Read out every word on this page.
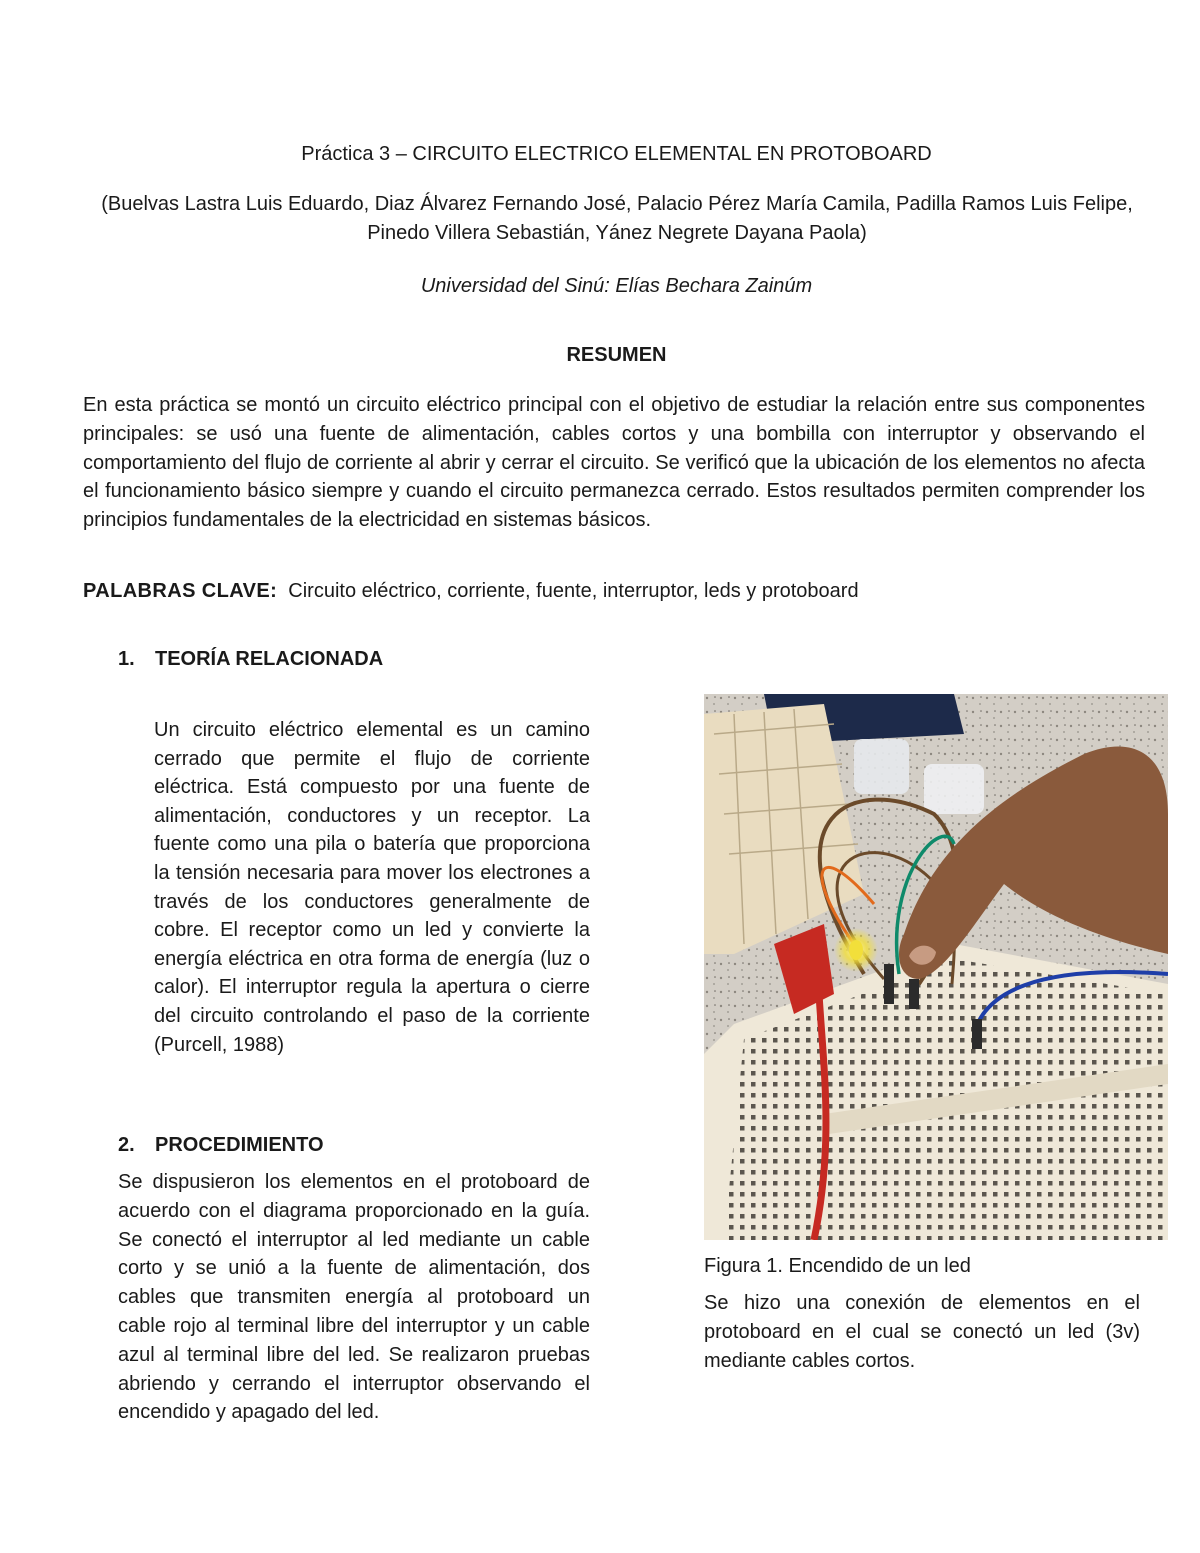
Práctica 3 – CIRCUITO ELECTRICO ELEMENTAL EN PROTOBOARD
(Buelvas Lastra Luis Eduardo, Diaz Álvarez Fernando José, Palacio Pérez María Camila, Padilla Ramos Luis Felipe, Pinedo Villera Sebastián, Yánez Negrete Dayana Paola)
Universidad del Sinú: Elías Bechara Zainúm
RESUMEN
En esta práctica se montó un circuito eléctrico principal con el objetivo de estudiar la relación entre sus componentes principales: se usó una fuente de alimentación, cables cortos y una bombilla con interruptor y observando el comportamiento del flujo de corriente al abrir y cerrar el circuito. Se verificó que la ubicación de los elementos no afecta el funcionamiento básico siempre y cuando el circuito permanezca cerrado. Estos resultados permiten comprender los principios fundamentales de la electricidad en sistemas básicos.
PALABRAS CLAVE: Circuito eléctrico, corriente, fuente, interruptor, leds y protoboard
1. TEORÍA RELACIONADA
Un circuito eléctrico elemental es un camino cerrado que permite el flujo de corriente eléctrica. Está compuesto por una fuente de alimentación, conductores y un receptor. La fuente como una pila o batería que proporciona la tensión necesaria para mover los electrones a través de los conductores generalmente de cobre. El receptor como un led y convierte la energía eléctrica en otra forma de energía (luz o calor). El interruptor regula la apertura o cierre del circuito controlando el paso de la corriente (Purcell, 1988)
2. PROCEDIMIENTO
Se dispusieron los elementos en el protoboard de acuerdo con el diagrama proporcionado en la guía. Se conectó el interruptor al led mediante un cable corto y se unió a la fuente de alimentación, dos cables que transmiten energía al protoboard un cable rojo al terminal libre del interruptor y un cable azul al terminal libre del led. Se realizaron pruebas abriendo y cerrando el interruptor observando el encendido y apagado del led.
Figura 1. Encendido de un led
Se hizo una conexión de elementos en el protoboard en el cual se conectó un led (3v) mediante cables cortos.
